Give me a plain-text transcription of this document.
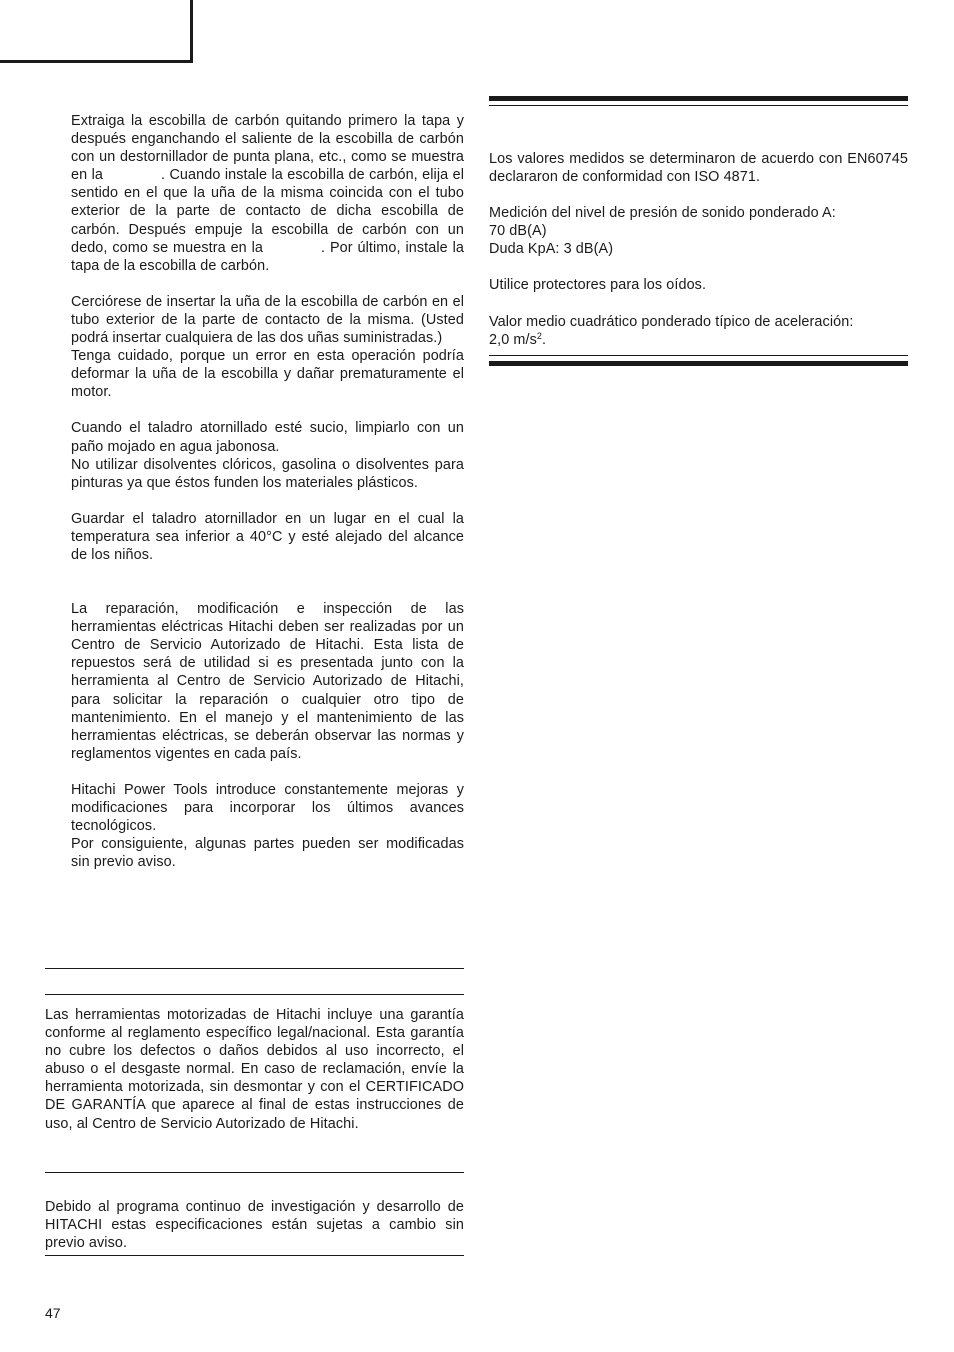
Extraiga la escobilla de carbón quitando primero la tapa y después enganchando el saliente de la escobilla de carbón con un destornillador de punta plana, etc., como se muestra en la	. Cuando instale la escobilla de carbón, elija el sentido en el que la uña de la misma coincida con el tubo exterior de la parte de contacto de dicha escobilla de carbón. Después empuje la escobilla de carbón con un dedo, como se muestra en la	. Por último, instale la tapa de la escobilla de carbón.

Cerciórese de insertar la uña de la escobilla de carbón en el tubo exterior de la parte de contacto de la misma. (Usted podrá insertar cualquiera de las dos uñas suministradas.)

Tenga cuidado, porque un error en esta operación podría deformar la uña de la escobilla y dañar prematuramente el motor.

Cuando el taladro atornillado esté sucio, limpiarlo con un paño mojado en agua jabonosa.

No utilizar disolventes clóricos, gasolina o disolventes para pinturas ya que éstos funden los materiales plásticos.

Guardar el taladro atornillador en un lugar en el cual la temperatura sea inferior a 40°C y esté alejado del alcance de los niños.

La reparación, modificación e inspección de las herramientas eléctricas Hitachi deben ser realizadas por un Centro de Servicio Autorizado de Hitachi. Esta lista de repuestos será de utilidad si es presentada junto con la herramienta al Centro de Servicio Autorizado de Hitachi, para solicitar la reparación o cualquier otro tipo de mantenimiento. En el manejo y el mantenimiento de las herramientas eléctricas, se deberán observar las normas y reglamentos vigentes en cada país.

Hitachi Power Tools introduce constantemente mejoras y modificaciones para incorporar los últimos avances tecnológicos.

Por consiguiente, algunas partes pueden ser modificadas sin previo aviso.

Las herramientas motorizadas de Hitachi incluye una garantía conforme al reglamento específico legal/nacional. Esta garantía no cubre los defectos o daños debidos al uso incorrecto, el abuso o el desgaste normal. En caso de reclamación, envíe la herramienta motorizada, sin desmontar y con el CERTIFICADO DE GARANTÍA que aparece al final de estas instrucciones de uso, al Centro de Servicio Autorizado de Hitachi.

Debido al programa continuo de investigación y desarrollo de HITACHI estas especificaciones están sujetas a cambio sin previo aviso.

Los valores medidos se determinaron de acuerdo con EN60745 declararon de conformidad con ISO 4871.

Medición del nivel de presión de sonido ponderado A:

70 dB(A)

Duda KpA: 3 dB(A)

Utilice protectores para los oídos.

Valor medio cuadrático ponderado típico de aceleración:

2,0 $m/s^2$.

47
